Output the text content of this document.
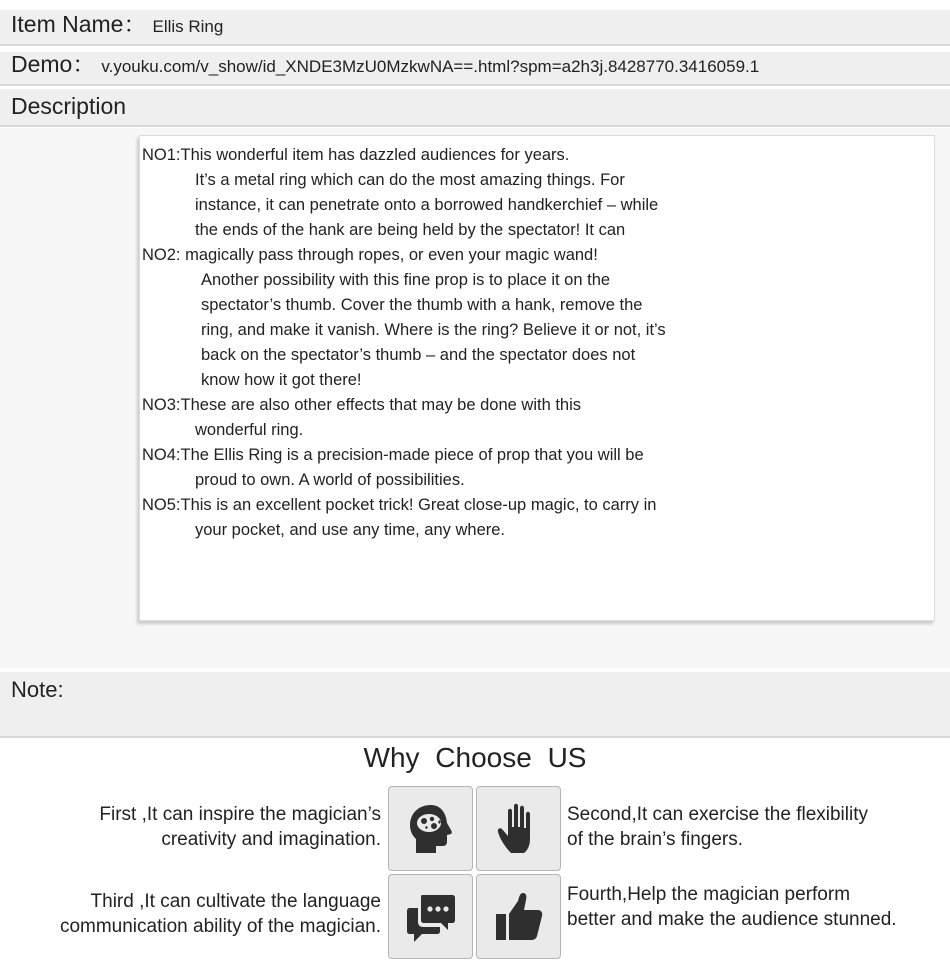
Item Name： Ellis Ring
Demo： v.youku.com/v_show/id_XNDE3MzU0MzkwNA==.html?spm=a2h3j.8428770.3416059.1
Description
NO1:This wonderful item has dazzled audiences for years.
It’s a metal ring which can do the most amazing things. For
instance, it can penetrate onto a borrowed handkerchief – while
the ends of the hank are being held by the spectator! It can
NO2: magically pass through ropes, or even your magic wand!
Another possibility with this fine prop is to place it on the
spectator’s thumb. Cover the thumb with a hank, remove the
ring, and make it vanish. Where is the ring? Believe it or not, it’s
back on the spectator’s thumb – and the spectator does not
know how it got there!
NO3:These are also other effects that may be done with this
wonderful ring.
NO4:The Ellis Ring is a precision-made piece of prop that you will be
proud to own. A world of possibilities.
NO5:This is an excellent pocket trick! Great close-up magic, to carry in
your pocket, and use any time, any where.
Note:
Why Choose US
First ,It can inspire the magician’s
creativity and imagination.
Second,It can exercise the flexibility
of the brain’s fingers.
Third ,It can cultivate the language
communication ability of the magician.
Fourth,Help the magician perform
better and make the audience stunned.
